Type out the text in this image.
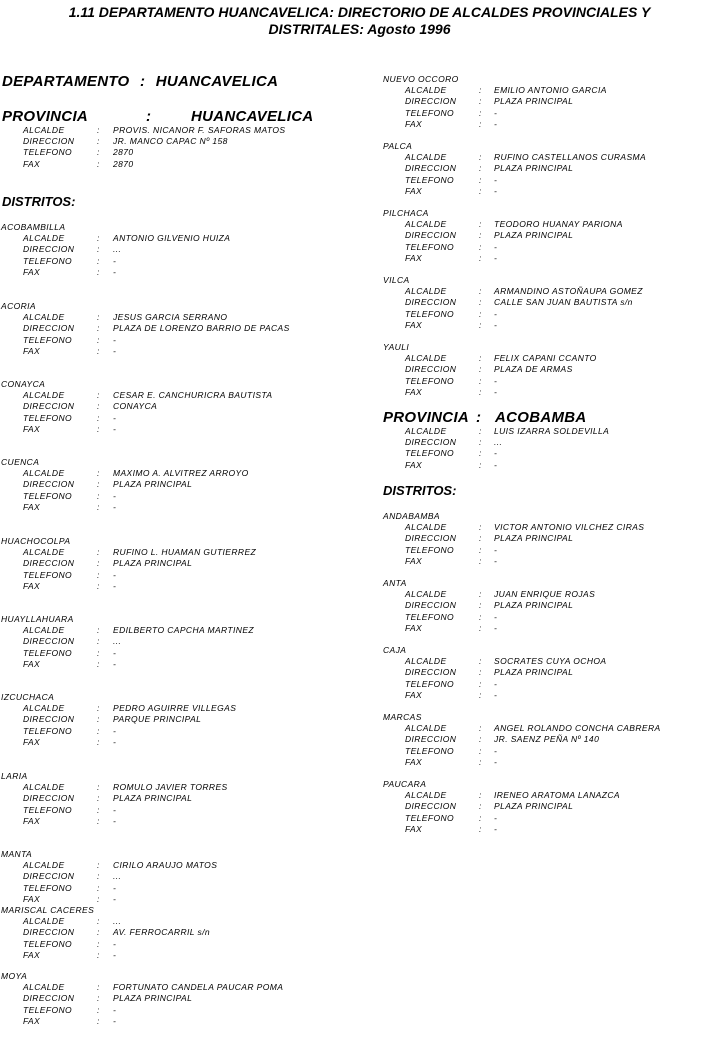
1.11 DEPARTAMENTO HUANCAVELICA: DIRECTORIO DE ALCALDES PROVINCIALES Y
DISTRITALES: Agosto 1996
DEPARTAMENTO : HUANCAVELICA
PROVINCIA	:	HUANCAVELICA
ALCALDE	: PROVIS. NICANOR F. SAFORAS MATOS
DIRECCION	: JR. MANCO CAPAC Nº 158
TELEFONO	: 2870
FAX	: 2870
DISTRITOS:
PROVINCIA : ACOBAMBA
ALCALDE	: LUIS IZARRA SOLDEVILLA
DIRECCION	: ...
TELEFONO	: -
FAX	: -
DISTRITOS:
ACOBAMBILLA
ALCALDE	: ANTONIO GILVENIO HUIZA
DIRECCION	: ...
TELEFONO	: -
FAX	: -
ACORIA
ALCALDE	: JESUS GARCIA SERRANO
DIRECCION	: PLAZA DE LORENZO BARRIO DE PACAS
TELEFONO	: -
FAX	: -
CONAYCA
ALCALDE	: CESAR E. CANCHURICRA BAUTISTA
DIRECCION	: CONAYCA
TELEFONO	: -
FAX	: -
CUENCA
ALCALDE	: MAXIMO A. ALVITREZ ARROYO
DIRECCION	: PLAZA PRINCIPAL
TELEFONO	: -
FAX	: -
HUACHOCOLPA
ALCALDE	: RUFINO L. HUAMAN GUTIERREZ
DIRECCION	: PLAZA PRINCIPAL
TELEFONO	: -
FAX	: -
HUAYLLAHUARA
ALCALDE	: EDILBERTO CAPCHA MARTINEZ
DIRECCION	: ...
TELEFONO	: -
FAX	: -
IZCUCHACA
ALCALDE	: PEDRO AGUIRRE VILLEGAS
DIRECCION	: PARQUE PRINCIPAL
TELEFONO	: -
FAX	: -
LARIA
ALCALDE	: ROMULO JAVIER TORRES
DIRECCION	: PLAZA PRINCIPAL
TELEFONO	: -
FAX	: -
MANTA
ALCALDE	: CIRILO ARAUJO MATOS
DIRECCION	: ...
TELEFONO	: -
FAX	: -
MARISCAL CACERES
ALCALDE	: ...
DIRECCION	: AV. FERROCARRIL s/n
TELEFONO	: -
FAX	: -
MOYA
ALCALDE	: FORTUNATO CANDELA PAUCAR POMA
DIRECCION	: PLAZA PRINCIPAL
TELEFONO	: -
FAX	: -
NUEVO OCCORO
ALCALDE	: EMILIO ANTONIO GARCIA
DIRECCION	: PLAZA PRINCIPAL
TELEFONO	: -
FAX	: -
PALCA
ALCALDE	: RUFINO CASTELLANOS CURASMA
DIRECCION	: PLAZA PRINCIPAL
TELEFONO	: -
FAX	: -
PILCHACA
ALCALDE	: TEODORO HUANAY PARIONA
DIRECCION	: PLAZA PRINCIPAL
TELEFONO	: -
FAX	: -
VILCA
ALCALDE	: ARMANDINO ASTOÑAUPA GOMEZ
DIRECCION	: CALLE SAN JUAN BAUTISTA s/n
TELEFONO	: -
FAX	: -
YAULI
ALCALDE	: FELIX CAPANI CCANTO
DIRECCION	: PLAZA DE ARMAS
TELEFONO	: -
FAX	: -
ANDABAMBA
ALCALDE	: VICTOR ANTONIO VILCHEZ CIRAS
DIRECCION	: PLAZA PRINCIPAL
TELEFONO	: -
FAX	: -
ANTA
ALCALDE	: JUAN ENRIQUE ROJAS
DIRECCION	: PLAZA PRINCIPAL
TELEFONO	: -
FAX	: -
CAJA
ALCALDE	: SOCRATES CUYA OCHOA
DIRECCION	: PLAZA PRINCIPAL
TELEFONO	: -
FAX	: -
MARCAS
ALCALDE	: ANGEL ROLANDO CONCHA CABRERA
DIRECCION	: JR. SAENZ PEÑA Nº 140
TELEFONO	: -
FAX	: -
PAUCARA
ALCALDE	: IRENEO ARATOMA LANAZCA
DIRECCION	: PLAZA PRINCIPAL
TELEFONO	: -
FAX	: -
